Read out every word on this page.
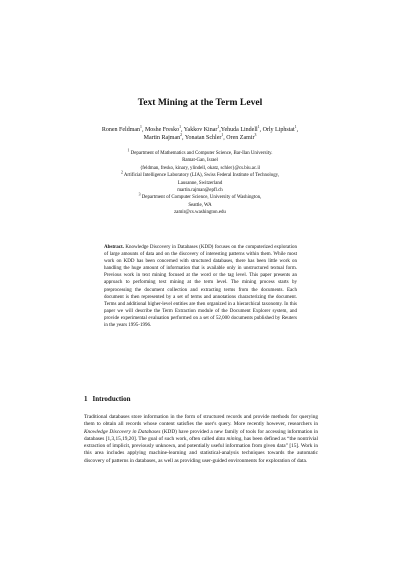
Text Mining at the Term Level
Ronen Feldman$^1$, Moshe Fresko$^1$, Yakkov Kinar$^1$,Yehuda Lindell$^1$, Orly Liphstat$^1$,
Martin Rajman$^2$, Yonatan Schler$^1$, Oren Zamir$^3$
$^1$ Department of Mathematics and Computer Science, Bar-Ilan University.
Ramat-Gan, Israel
{feldman, fresko, kinary, ylindell, okatz, schler}@cs.biu.ac.il
$^2$ Artificial Intelligence Laboratory (LIA), Swiss Federal Institute of Technology,
Lausanne, Switzerland
martin.rajman@epfl.ch
$^3$ Department of Computer Science, University of Washington,
Seattle, WA
zamir@cs.washington.edu
Abstract. Knowledge Discovery in Databases (KDD) focuses on the computerized exploration of large amounts of data and on the discovery of interesting patterns within them. While most work on KDD has been concerned with structured databases, there has been little work on handling the huge amount of information that is available only in unstructured textual form. Previous work in text mining focused at the word or the tag level. This paper presents an approach to performing text mining at the term level. The mining process starts by preprocessing the document collection and extracting terms from the documents. Each document is then represented by a set of terms and annotations characterizing the document. Terms and additional higher-level entities are then organized in a hierarchical taxonomy. In this paper we will describe the Term Extraction module of the Document Explorer system, and provide experimental evaluation performed on a set of 52,000 documents published by Reuters in the years 1995-1996.
1 Introduction
Traditional databases store information in the form of structured records and provide methods for querying them to obtain all records whose content satisfies the user's query. More recently however, researchers in Knowledge Discovery in Databases (KDD) have provided a new family of tools for accessing information in databases [1,3,15,19,20]. The goal of such work, often called data mining, has been defined as “the nontrivial extraction of implicit, previously unknown, and potentially useful information from given data” [15]. Work in this area includes applying machine-learning and statistical-analysis techniques towards the automatic discovery of patterns in databases, as well as providing user-guided environments for exploration of data.
